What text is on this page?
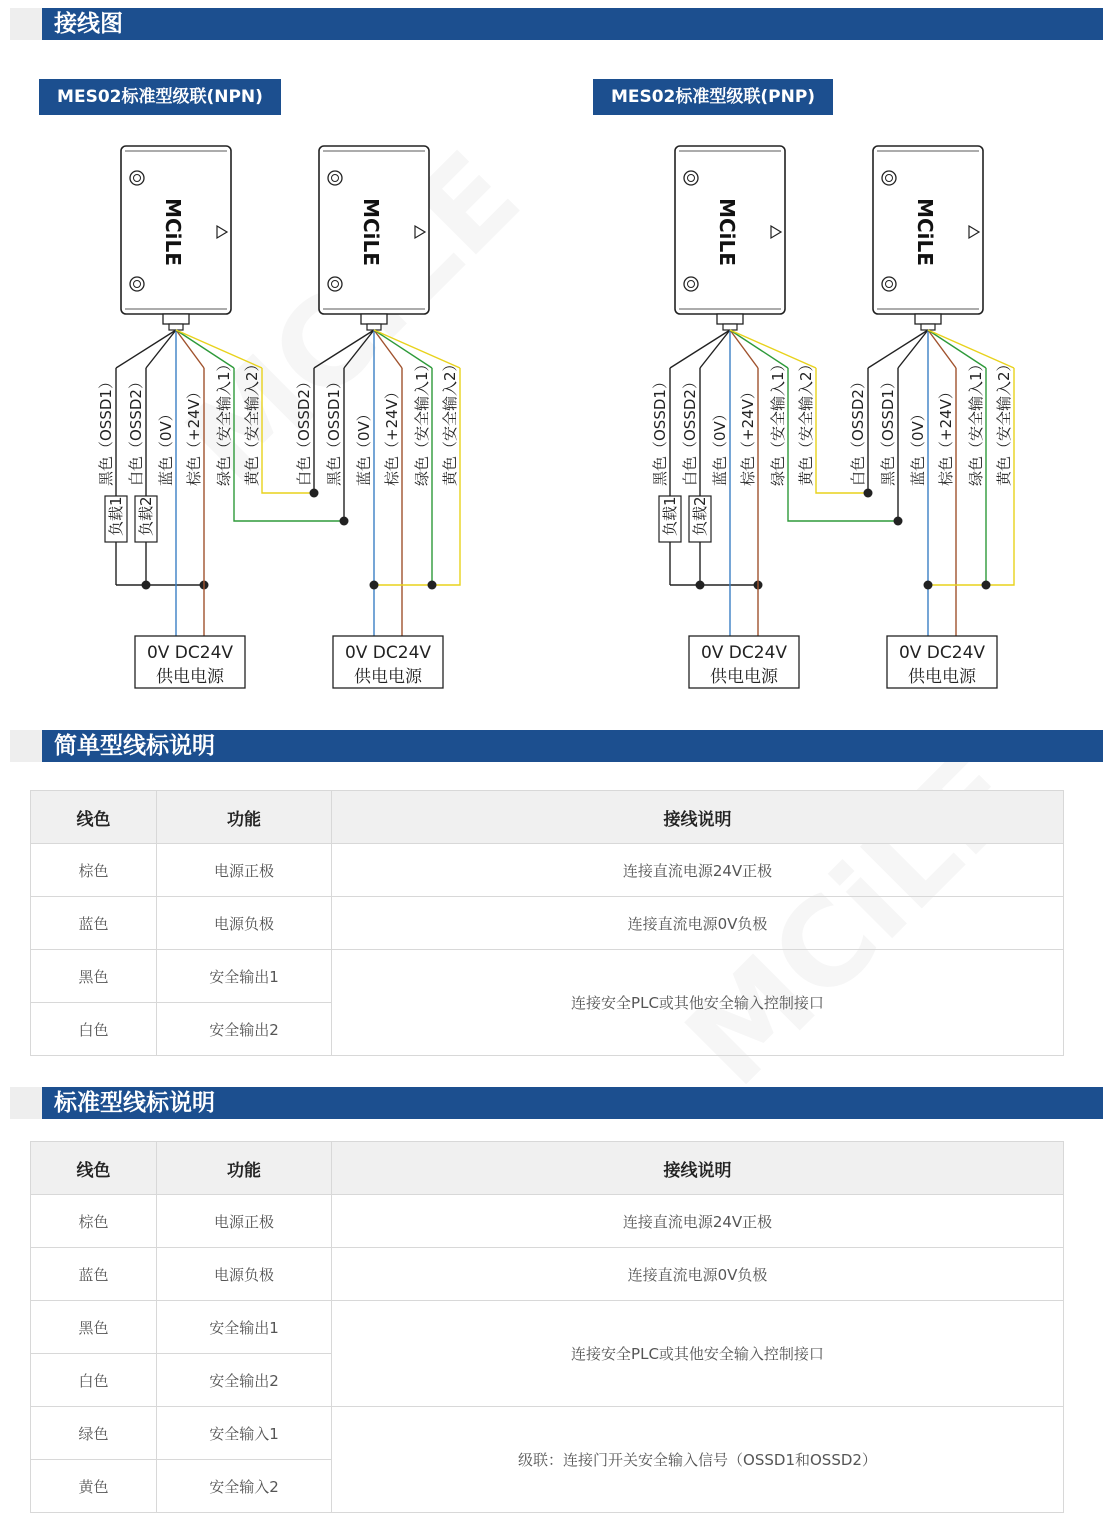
接线图
MES02标准型级联(NPN)	MES02标准型级联(PNP)
MCiLE	MCiLE
黑色（OSSD1） 白色（OSSD2） 蓝色（0V） 棕色（+24V） 绿色（安全输入1） 黄色（安全输入2） 白色（OSSD2） 黑色（OSSD1） 蓝色（0V） 棕色（+24V） 绿色（安全输入1） 黄色（安全输入2）
负载1 负载2
0V DC24V
供电电源
0V DC24V
供电电源
MCiLE	MCiLE
黑色（OSSD1） 白色（OSSD2） 蓝色（0V） 棕色（+24V） 绿色（安全输入1） 黄色（安全输入2） 白色（OSSD2） 黑色（OSSD1） 蓝色（0V） 棕色（+24V） 绿色（安全输入1） 黄色（安全输入2）
负载1 负载2
0V DC24V
供电电源
0V DC24V
供电电源
简单型线标说明
线色	功能	接线说明
棕色	电源正极	连接直流电源24V正极
蓝色	电源负极	连接直流电源0V负极
黑色	安全输出1	连接安全PLC或其他安全输入控制接口
白色	安全输出2	
标准型线标说明
线色	功能	接线说明
棕色	电源正极	连接直流电源24V正极
蓝色	电源负极	连接直流电源0V负极
黑色	安全输出1	连接安全PLC或其他安全输入控制接口
白色	安全输出2	
绿色	安全输入1	级联：连接门开关安全输入信号（OSSD1和OSSD2）
黄色	安全输入2	
